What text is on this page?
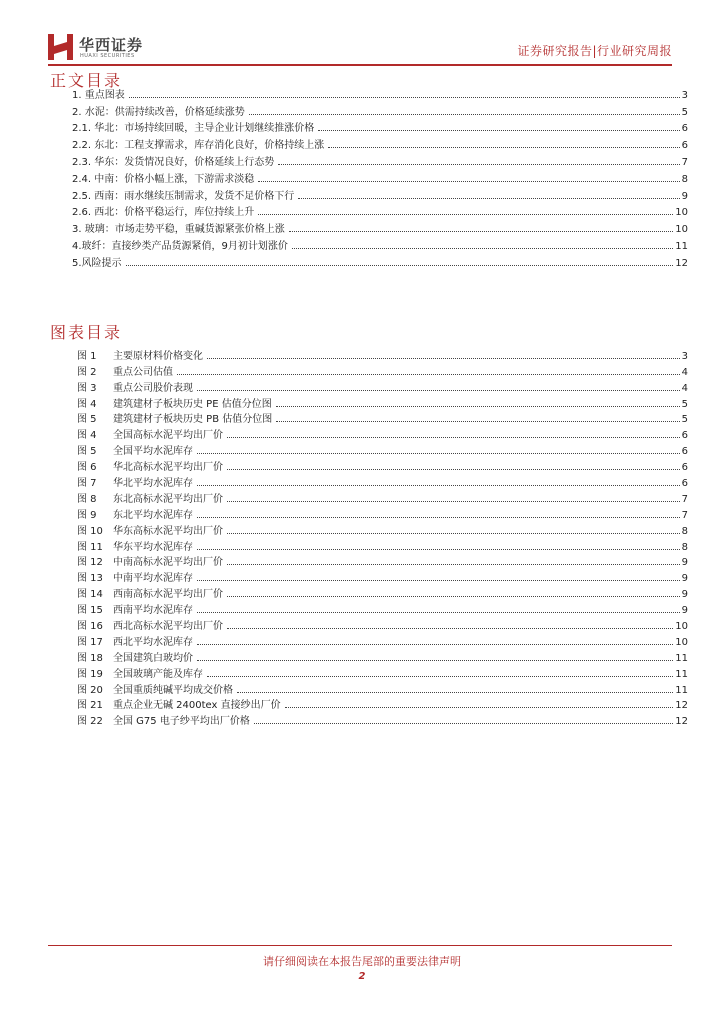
华西证券
HUAXI SECURITIES	证券研究报告|行业研究周报
正文目录
1. 重点图表	3
2. 水泥：供需持续改善，价格延续涨势	5
2.1. 华北：市场持续回暖，主导企业计划继续推涨价格	6
2.2. 东北：工程支撑需求，库存消化良好，价格持续上涨	6
2.3. 华东：发货情况良好，价格延续上行态势	7
2.4. 中南：价格小幅上涨，下游需求淡稳	8
2.5. 西南：雨水继续压制需求，发货不足价格下行	9
2.6. 西北：价格平稳运行，库位持续上升	10
3. 玻璃：市场走势平稳，重碱货源紧张价格上涨	10
4.玻纤：直接纱类产品货源紧俏，9月初计划涨价	11
5.风险提示	12
图表目录
图 1	主要原材料价格变化	3
图 2	重点公司估值	4
图 3	重点公司股价表现	4
图 4	建筑建材子板块历史 PE 估值分位图	5
图 5	建筑建材子板块历史 PB 估值分位图	5
图 4	全国高标水泥平均出厂价	6
图 5	全国平均水泥库存	6
图 6	华北高标水泥平均出厂价	6
图 7	华北平均水泥库存	6
图 8	东北高标水泥平均出厂价	7
图 9	东北平均水泥库存	7
图 10	华东高标水泥平均出厂价	8
图 11	华东平均水泥库存	8
图 12	中南高标水泥平均出厂价	9
图 13	中南平均水泥库存	9
图 14	西南高标水泥平均出厂价	9
图 15	西南平均水泥库存	9
图 16	西北高标水泥平均出厂价	10
图 17	西北平均水泥库存	10
图 18	全国建筑白玻均价	11
图 19	全国玻璃产能及库存	11
图 20	全国重质纯碱平均成交价格	11
图 21	重点企业无碱 2400tex 直接纱出厂价	12
图 22	全国 G75 电子纱平均出厂价格	12
请仔细阅读在本报告尾部的重要法律声明
2
